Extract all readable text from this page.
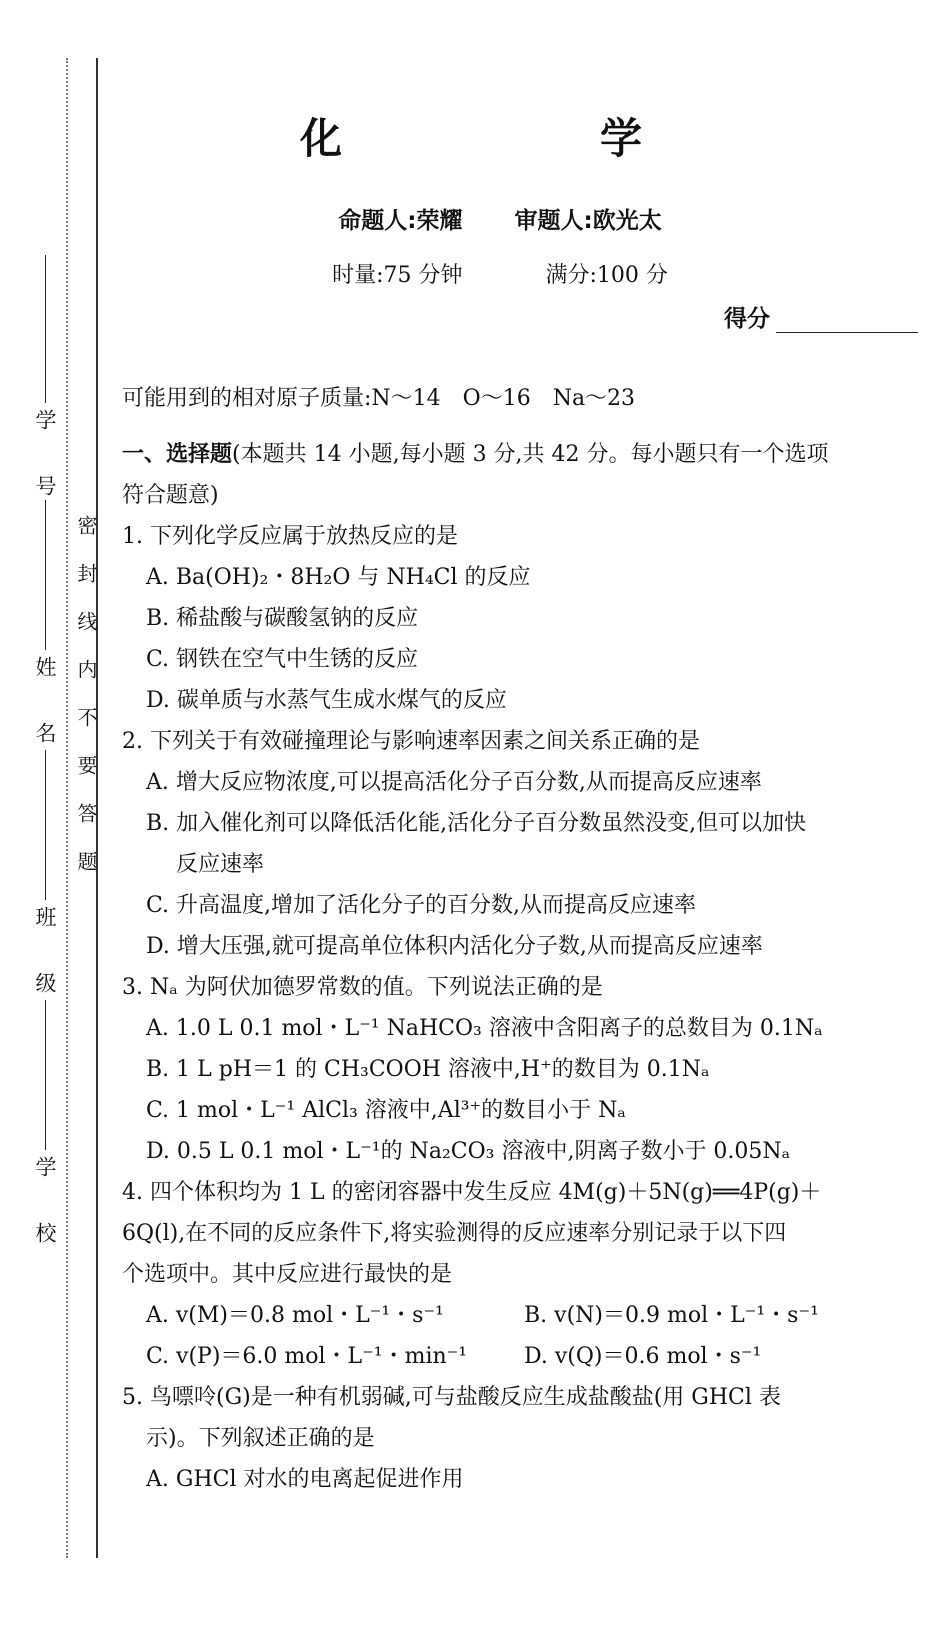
学　号
姓　名
班　级
学　校
密封线内不要答题
化　　学
命题人:荣耀 审题人:欧光太
时量:75 分钟	满分:100 分
得分
可能用到的相对原子质量:N～14　O～16　Na～23
一、选择题(本题共 14 小题,每小题 3 分,共 42 分。每小题只有一个选项
符合题意)
1. 下列化学反应属于放热反应的是
A. Ba(OH)₂・8H₂O 与 NH₄Cl 的反应
B. 稀盐酸与碳酸氢钠的反应
C. 钢铁在空气中生锈的反应
D. 碳单质与水蒸气生成水煤气的反应
2. 下列关于有效碰撞理论与影响速率因素之间关系正确的是
A. 增大反应物浓度,可以提高活化分子百分数,从而提高反应速率
B. 加入催化剂可以降低活化能,活化分子百分数虽然没变,但可以加快
反应速率
C. 升高温度,增加了活化分子的百分数,从而提高反应速率
D. 增大压强,就可提高单位体积内活化分子数,从而提高反应速率
3. Nₐ 为阿伏加德罗常数的值。下列说法正确的是
A. 1.0 L 0.1 mol・L⁻¹ NaHCO₃ 溶液中含阳离子的总数目为 0.1Nₐ
B. 1 L pH＝1 的 CH₃COOH 溶液中,H⁺的数目为 0.1Nₐ
C. 1 mol・L⁻¹ AlCl₃ 溶液中,Al³⁺的数目小于 Nₐ
D. 0.5 L 0.1 mol・L⁻¹的 Na₂CO₃ 溶液中,阴离子数小于 0.05Nₐ
4. 四个体积均为 1 L 的密闭容器中发生反应 4M(g)＋5N(g)══4P(g)＋
6Q(l),在不同的反应条件下,将实验测得的反应速率分别记录于以下四
个选项中。其中反应进行最快的是
A. v(M)＝0.8 mol・L⁻¹・s⁻¹	B. v(N)＝0.9 mol・L⁻¹・s⁻¹
C. v(P)＝6.0 mol・L⁻¹・min⁻¹	D. v(Q)＝0.6 mol・s⁻¹
5. 鸟嘌呤(G)是一种有机弱碱,可与盐酸反应生成盐酸盐(用 GHCl 表
示)。下列叙述正确的是
A. GHCl 对水的电离起促进作用
